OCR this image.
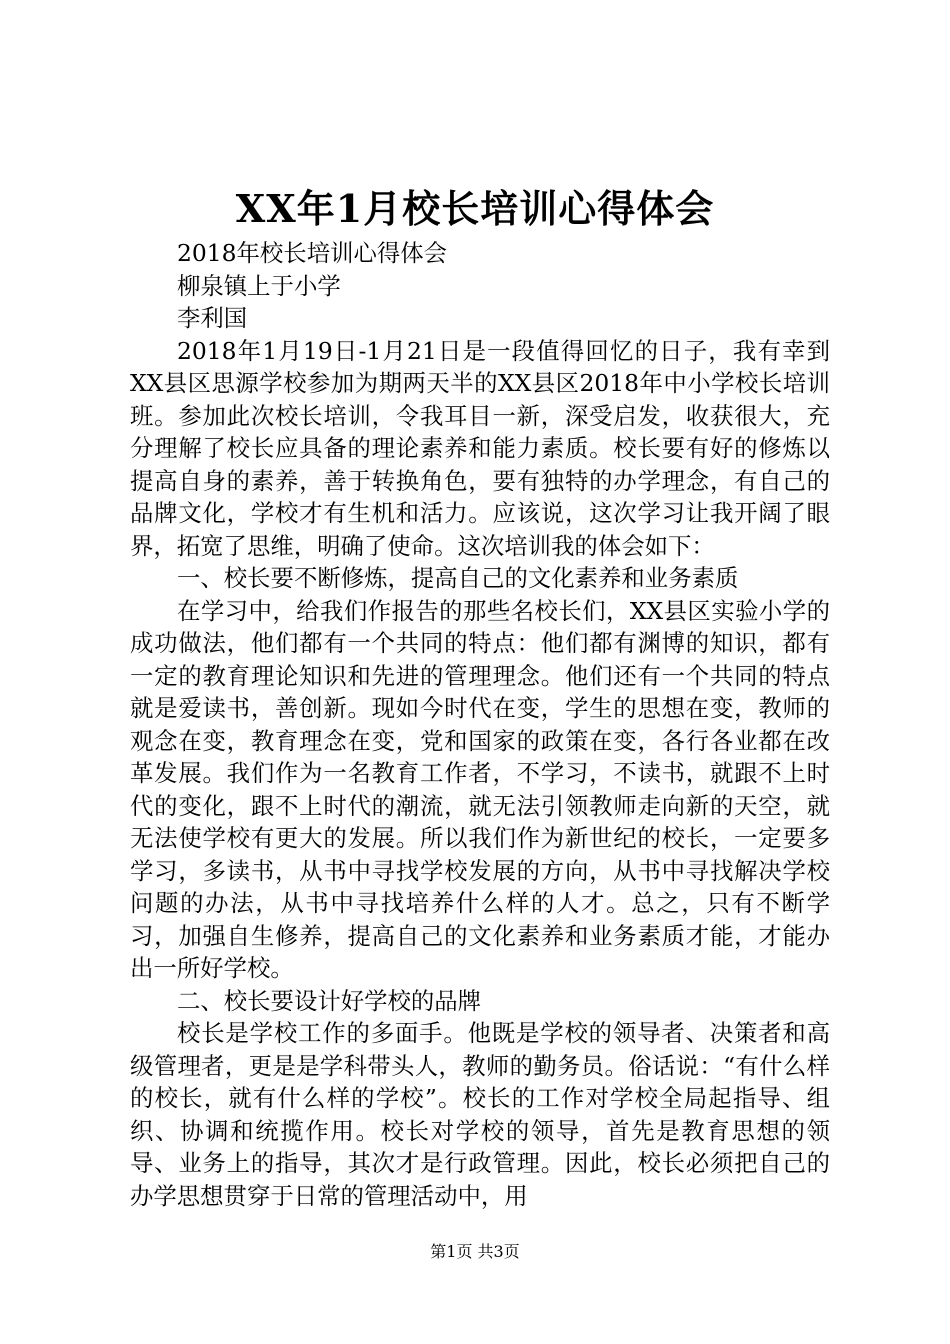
XX年1月校长培训心得体会
2018年校长培训心得体会
柳泉镇上于小学
李利国

2018年1月19日-1月21日是一段值得回忆的日子，我有幸到XX县区思源学校参加为期两天半的XX县区2018年中小学校长培训班。参加此次校长培训，令我耳目一新，深受启发，收获很大，充分理解了校长应具备的理论素养和能力素质。校长要有好的修炼以提高自身的素养，善于转换角色，要有独特的办学理念，有自己的品牌文化，学校才有生机和活力。应该说，这次学习让我开阔了眼界，拓宽了思维，明确了使命。这次培训我的体会如下：

一、校长要不断修炼，提高自己的文化素养和业务素质

在学习中，给我们作报告的那些名校长们，XX县区实验小学的成功做法，他们都有一个共同的特点：他们都有渊博的知识，都有一定的教育理论知识和先进的管理理念。他们还有一个共同的特点就是爱读书，善创新。现如今时代在变，学生的思想在变，教师的观念在变，教育理念在变，党和国家的政策在变，各行各业都在改革发展。我们作为一名教育工作者，不学习，不读书，就跟不上时代的变化，跟不上时代的潮流，就无法引领教师走向新的天空，就无法使学校有更大的发展。所以我们作为新世纪的校长，一定要多学习，多读书，从书中寻找学校发展的方向，从书中寻找解决学校问题的办法，从书中寻找培养什么样的人才。总之，只有不断学习，加强自生修养，提高自己的文化素养和业务素质才能，才能办出一所好学校。

二、校长要设计好学校的品牌

校长是学校工作的多面手。他既是学校的领导者、决策者和高级管理者，更是是学科带头人，教师的勤务员。俗话说：“有什么样的校长，就有什么样的学校”。校长的工作对学校全局起指导、组织、协调和统揽作用。校长对学校的领导，首先是教育思想的领导、业务上的指导，其次才是行政管理。因此，校长必须把自己的办学思想贯穿于日常的管理活动中，用

第1页 共3页
